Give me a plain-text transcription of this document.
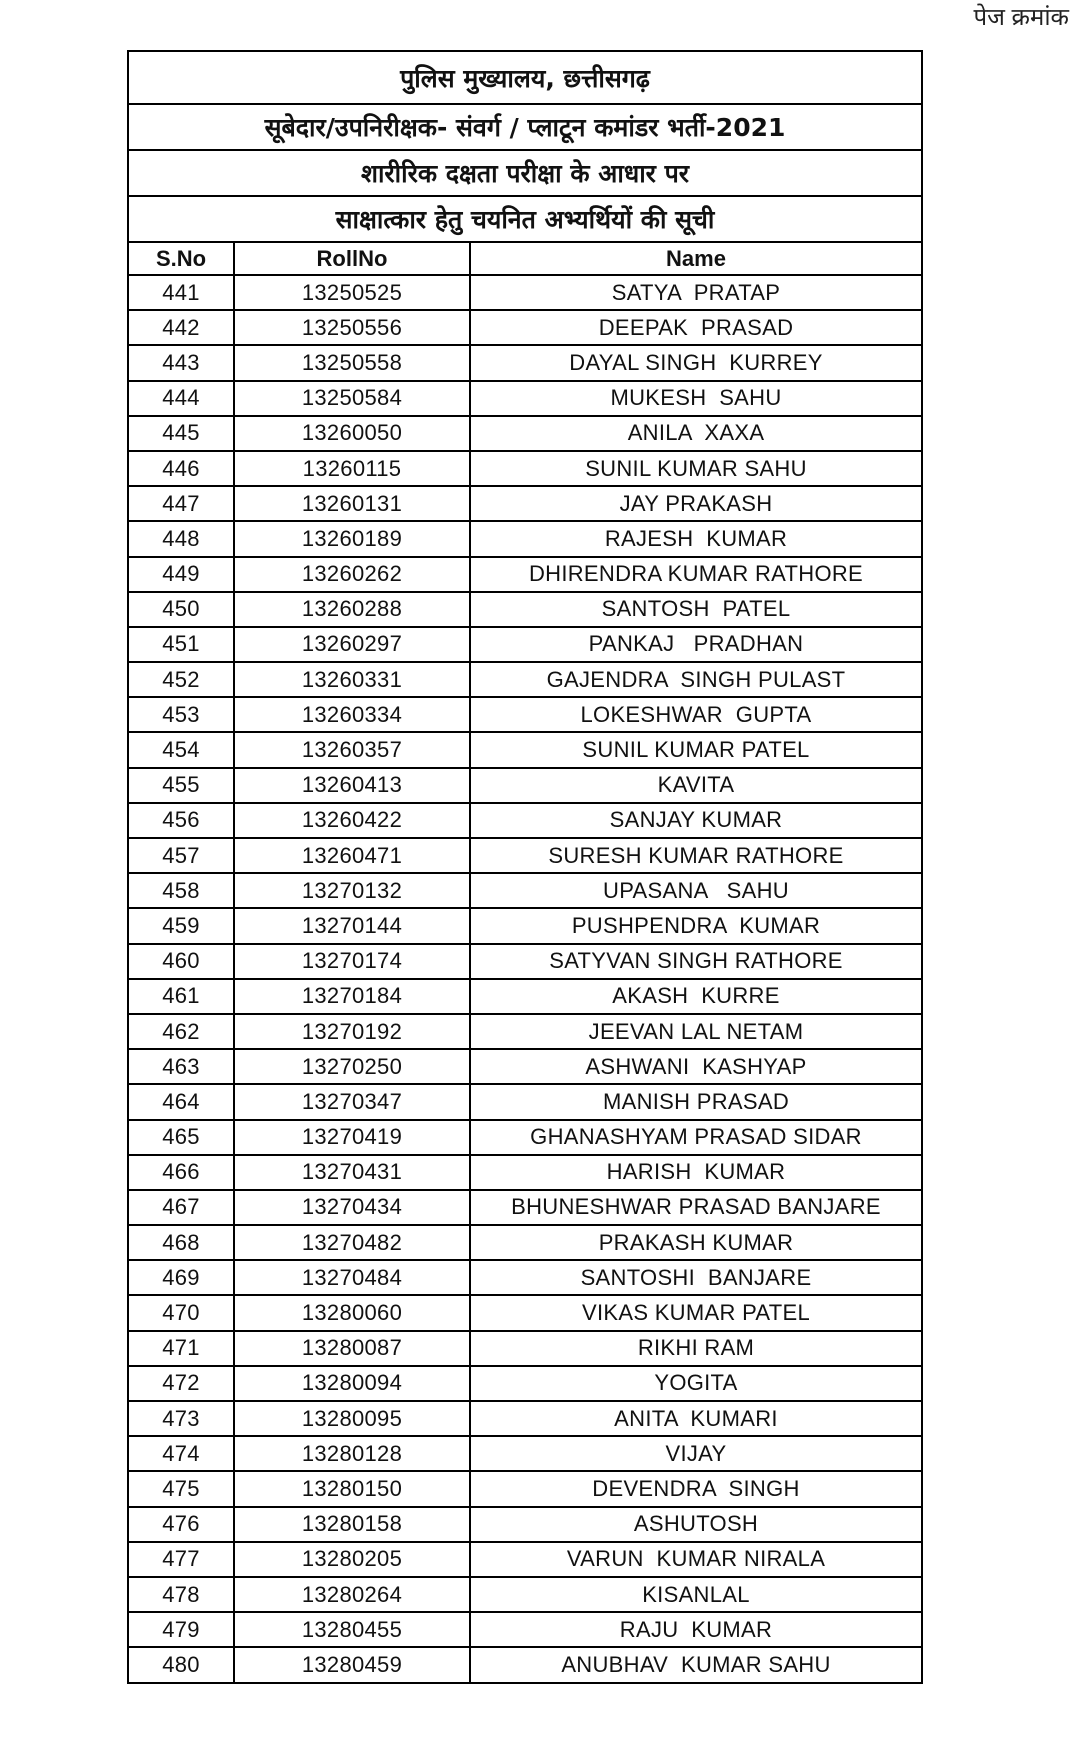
पेज क्रमांक
पुलिस मुख्यालय, छत्तीसगढ़		
सूबेदार/उपनिरीक्षक- संवर्ग / प्लाटून कमांडर भर्ती-2021		
शारीरिक दक्षता परीक्षा के आधार पर		
साक्षात्कार हेतु चयनित अभ्यर्थियों की सूची		
S.No	RollNo	Name
441	13250525	SATYA  PRATAP
442	13250556	DEEPAK  PRASAD
443	13250558	DAYAL SINGH  KURREY
444	13250584	MUKESH  SAHU
445	13260050	ANILA  XAXA
446	13260115	SUNIL KUMAR SAHU
447	13260131	JAY PRAKASH
448	13260189	RAJESH  KUMAR
449	13260262	DHIRENDRA KUMAR RATHORE
450	13260288	SANTOSH  PATEL
451	13260297	PANKAJ   PRADHAN
452	13260331	GAJENDRA  SINGH PULAST
453	13260334	LOKESHWAR  GUPTA
454	13260357	SUNIL KUMAR PATEL
455	13260413	KAVITA
456	13260422	SANJAY KUMAR
457	13260471	SURESH KUMAR RATHORE
458	13270132	UPASANA   SAHU
459	13270144	PUSHPENDRA  KUMAR
460	13270174	SATYVAN SINGH RATHORE
461	13270184	AKASH  KURRE
462	13270192	JEEVAN LAL NETAM
463	13270250	ASHWANI  KASHYAP
464	13270347	MANISH PRASAD
465	13270419	GHANASHYAM PRASAD SIDAR
466	13270431	HARISH  KUMAR
467	13270434	BHUNESHWAR PRASAD BANJARE
468	13270482	PRAKASH KUMAR
469	13270484	SANTOSHI  BANJARE
470	13280060	VIKAS KUMAR PATEL
471	13280087	RIKHI RAM
472	13280094	YOGITA
473	13280095	ANITA  KUMARI
474	13280128	VIJAY
475	13280150	DEVENDRA  SINGH
476	13280158	ASHUTOSH
477	13280205	VARUN  KUMAR NIRALA
478	13280264	KISANLAL
479	13280455	RAJU  KUMAR
480	13280459	ANUBHAV  KUMAR SAHU
